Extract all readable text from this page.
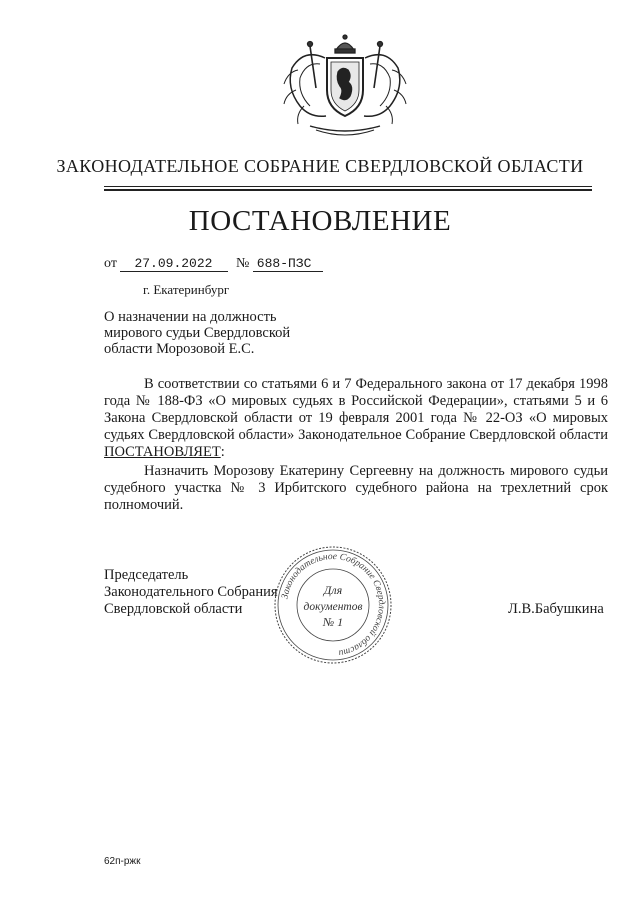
ЗАКОНОДАТЕЛЬНОЕ СОБРАНИЕ СВЕРДЛОВСКОЙ ОБЛАСТИ
ПОСТАНОВЛЕНИЕ
от 27.09.2022 № 688-ПЗС
г. Екатеринбург
О назначении на должность
мирового судьи Свердловской
области Морозовой Е.С.

В соответствии со статьями 6 и 7 Федерального закона от 17 декабря 1998 года № 188-ФЗ «О мировых судьях в Российской Федерации», статьями 5 и 6 Закона Свердловской области от 19 февраля 2001 года № 22-ОЗ «О мировых судьях Свердловской области» Законодательное Собрание Свердловской области ПОСТАНОВЛЯЕТ:

Назначить Морозову Екатерину Сергеевну на должность мирового судьи судебного участка № 3 Ирбитского судебного района на трехлетний срок полномочий.

Председатель
Законодательного Собрания
Свердловской области
Законодательное Собрание Свердловской области
Для
документов
№ 1
Л.В.Бабушкина
62п-ржк
